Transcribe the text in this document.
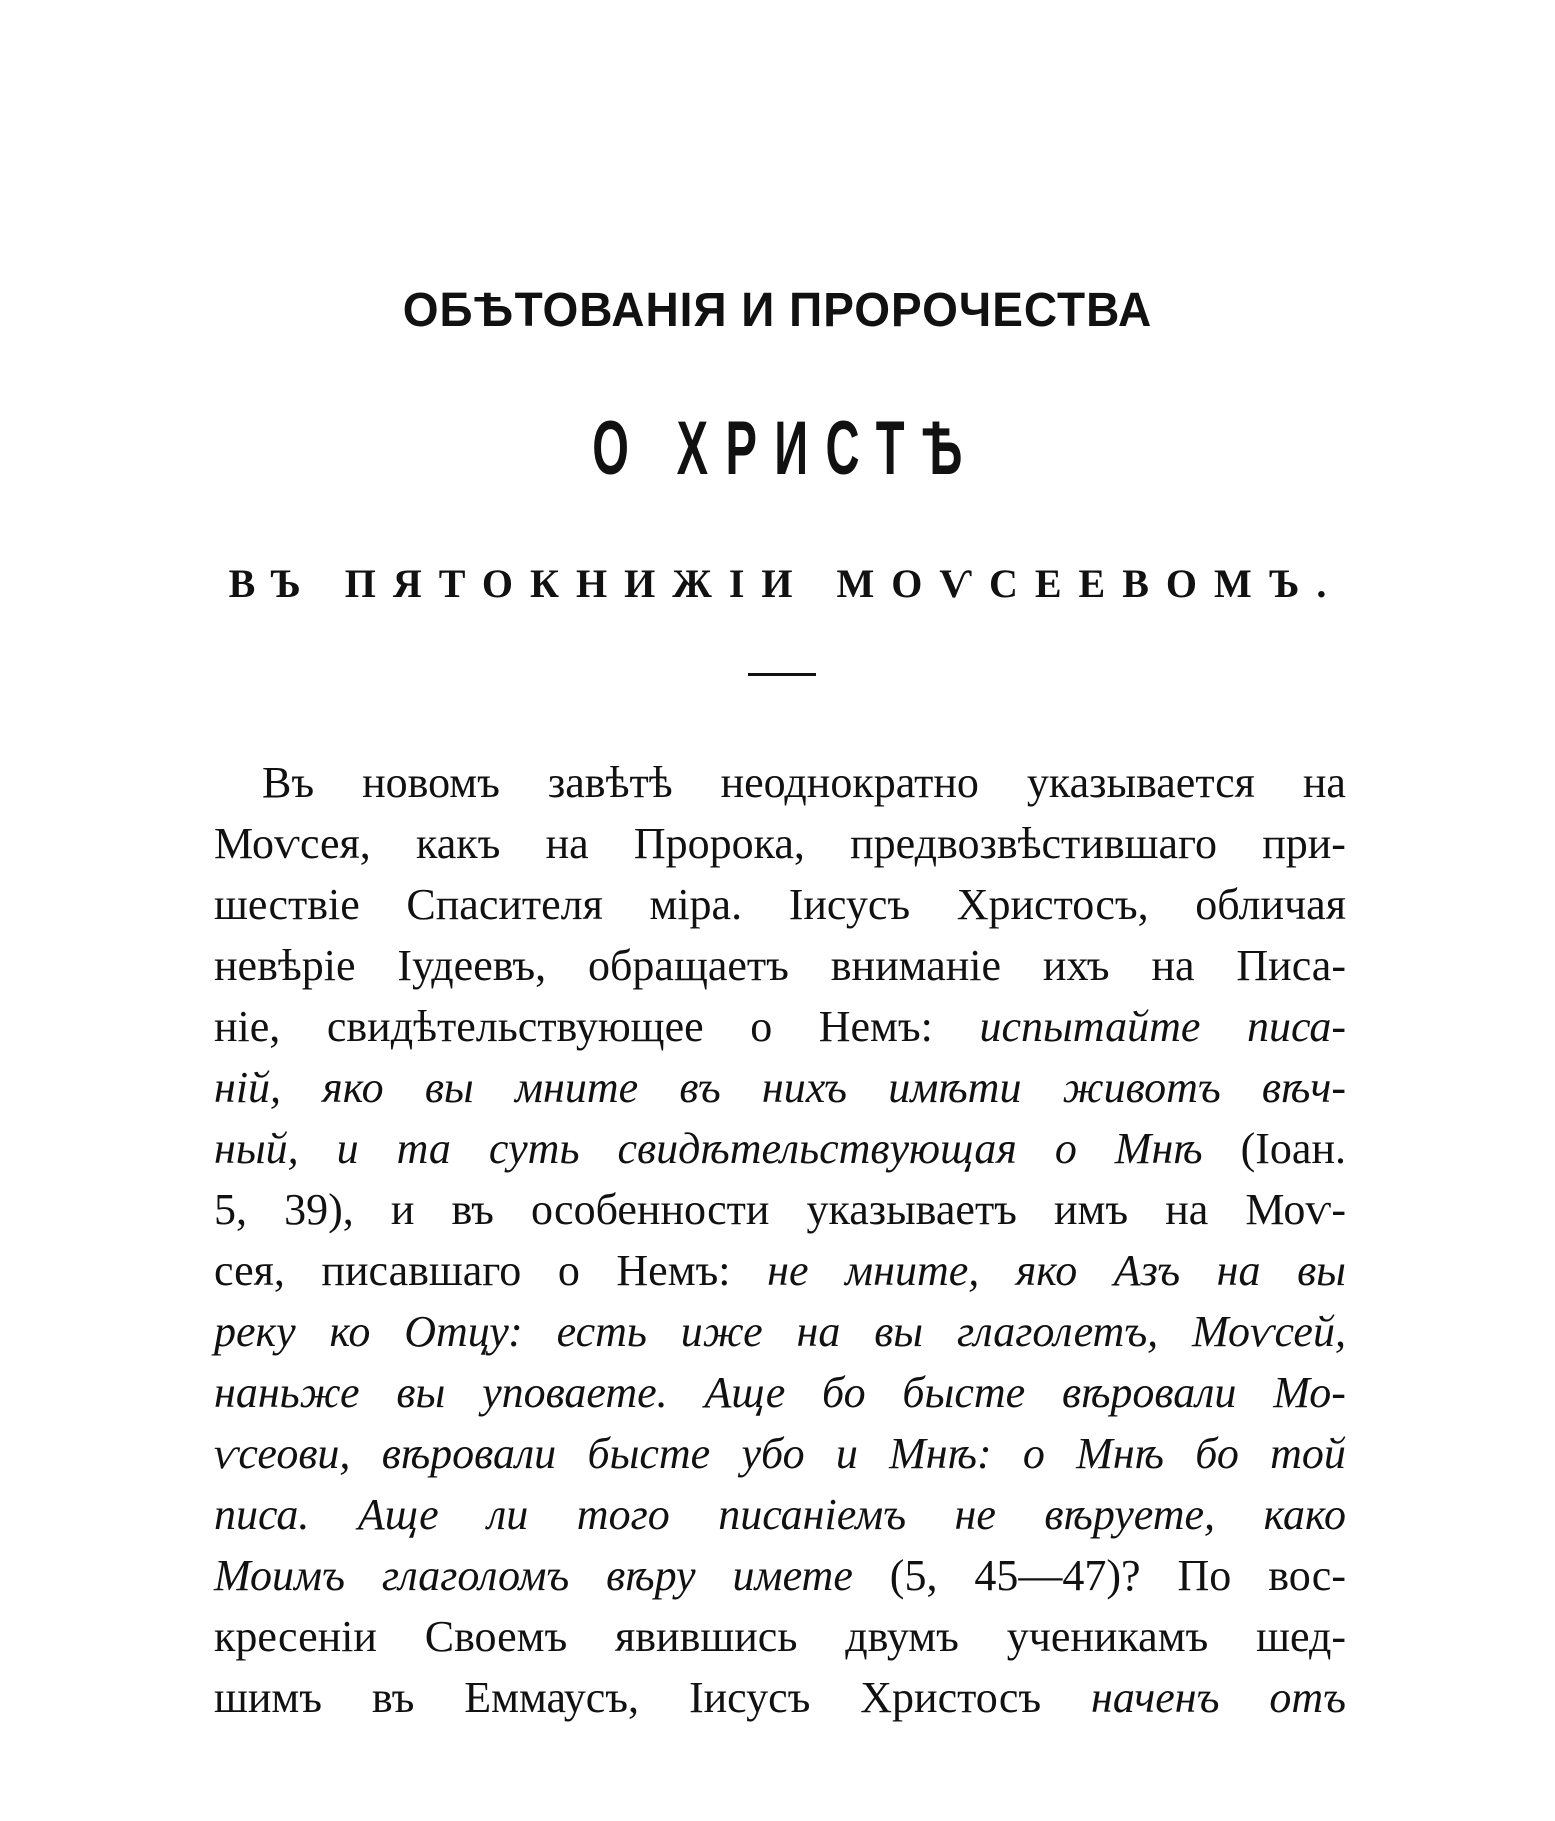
ОБѢТОВАНІЯ И ПРОРОЧЕСТВА
О ХРИСТѢ
ВЪ ПЯТОКНИЖІИ МОѴСЕЕВОМЪ.
Въ новомъ завѣтѣ неоднократно указывается на
Моѵсея, какъ на Пророка, предвозвѣстившаго при-
шествіе Спасителя міра. Іисусъ Христосъ, обличая
невѣріе Іудеевъ, обращаетъ вниманіе ихъ на Писа-
ніе, свидѣтельствующее о Немъ: испытайте писа-
ній, яко вы мните въ нихъ имѣти животъ вѣч-
ный, и та суть свидѣтельствующая о Мнѣ (Іоан.
5, 39), и въ особенности указываетъ имъ на Моѵ-
сея, писавшаго о Немъ: не мните, яко Азъ на вы
реку ко Отцу: есть иже на вы глаголетъ, Моѵсей,
наньже вы уповаете. Аще бо бысте вѣровали Мо-
ѵсеови, вѣровали бысте убо и Мнѣ: о Мнѣ бо той
писа. Аще ли того писаніемъ не вѣруете, како
Моимъ глаголомъ вѣру имете (5, 45—47)? По вос-
кресеніи Своемъ явившись двумъ ученикамъ шед-
шимъ въ Еммаусъ, Іисусъ Христосъ наченъ отъ
